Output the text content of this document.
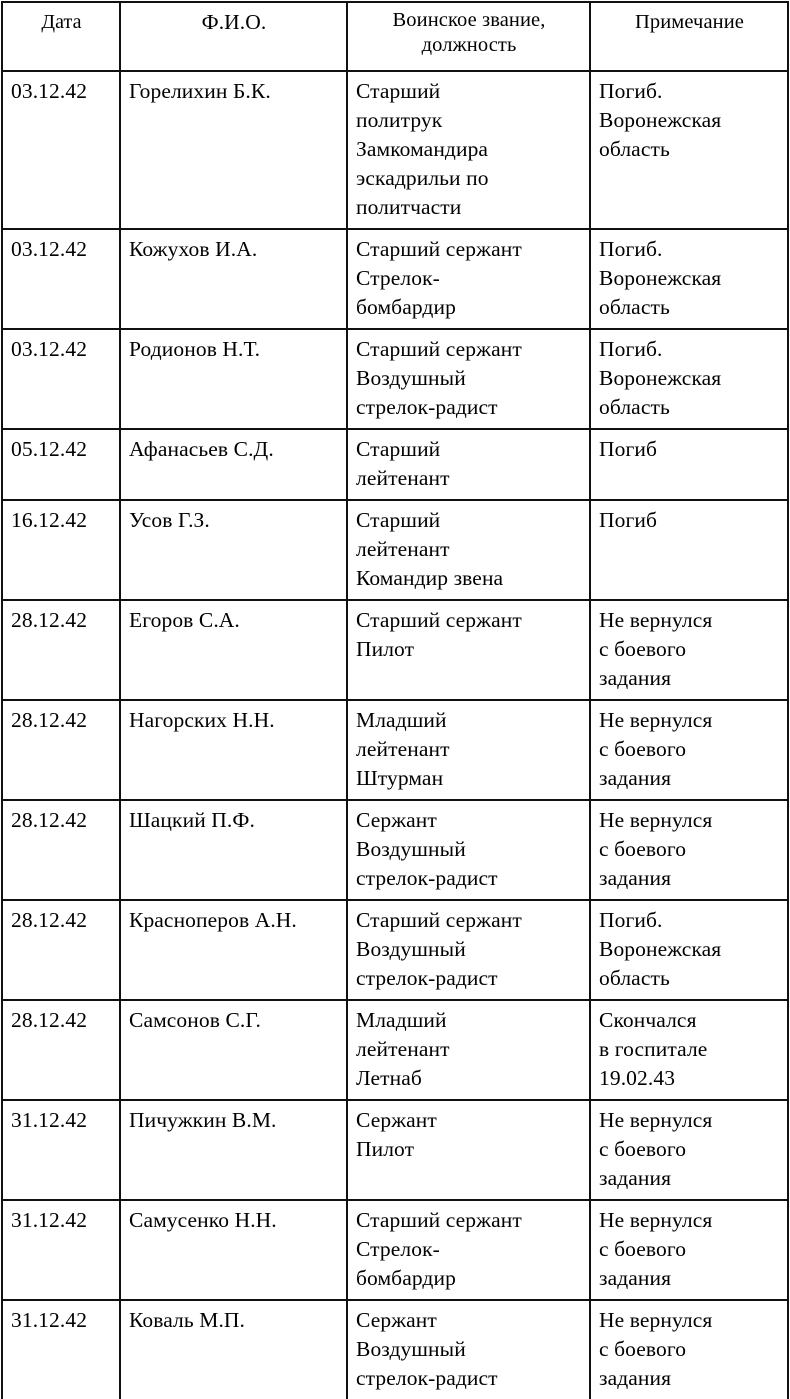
Дата	Ф.И.О.	Воинское звание,
должность	Примечание
03.12.42	Горелихин Б.К.	Старший
политрук
Замкомандира
эскадрильи по
политчасти	Погиб.
Воронежская
область

03.12.42	Кожухов И.А.	Старший сержант
Стрелок-
бомбардир	Погиб.
Воронежская
область

03.12.42	Родионов Н.Т.	Старший сержант
Воздушный
стрелок-радист	Погиб.
Воронежская
область

05.12.42	Афанасьев С.Д.	Старший
лейтенант	Погиб

16.12.42	Усов Г.З.	Старший
лейтенант
Командир звена	Погиб

28.12.42	Егоров С.А.	Старший сержант
Пилот	Не вернулся
с боевого
задания

28.12.42	Нагорских Н.Н.	Младший
лейтенант
Штурман	Не вернулся
с боевого
задания

28.12.42	Шацкий П.Ф.	Сержант
Воздушный
стрелок-радист	Не вернулся
с боевого
задания

28.12.42	Красноперов А.Н.	Старший сержант
Воздушный
стрелок-радист	Погиб.
Воронежская
область

28.12.42	Самсонов С.Г.	Младший
лейтенант
Летнаб	Скончался
в госпитале
19.02.43

31.12.42	Пичужкин В.М.	Сержант
Пилот	Не вернулся
с боевого
задания

31.12.42	Самусенко Н.Н.	Старший сержант
Стрелок-
бомбардир	Не вернулся
с боевого
задания

31.12.42	Коваль М.П.	Сержант
Воздушный
стрелок-радист	Не вернулся
с боевого
задания
